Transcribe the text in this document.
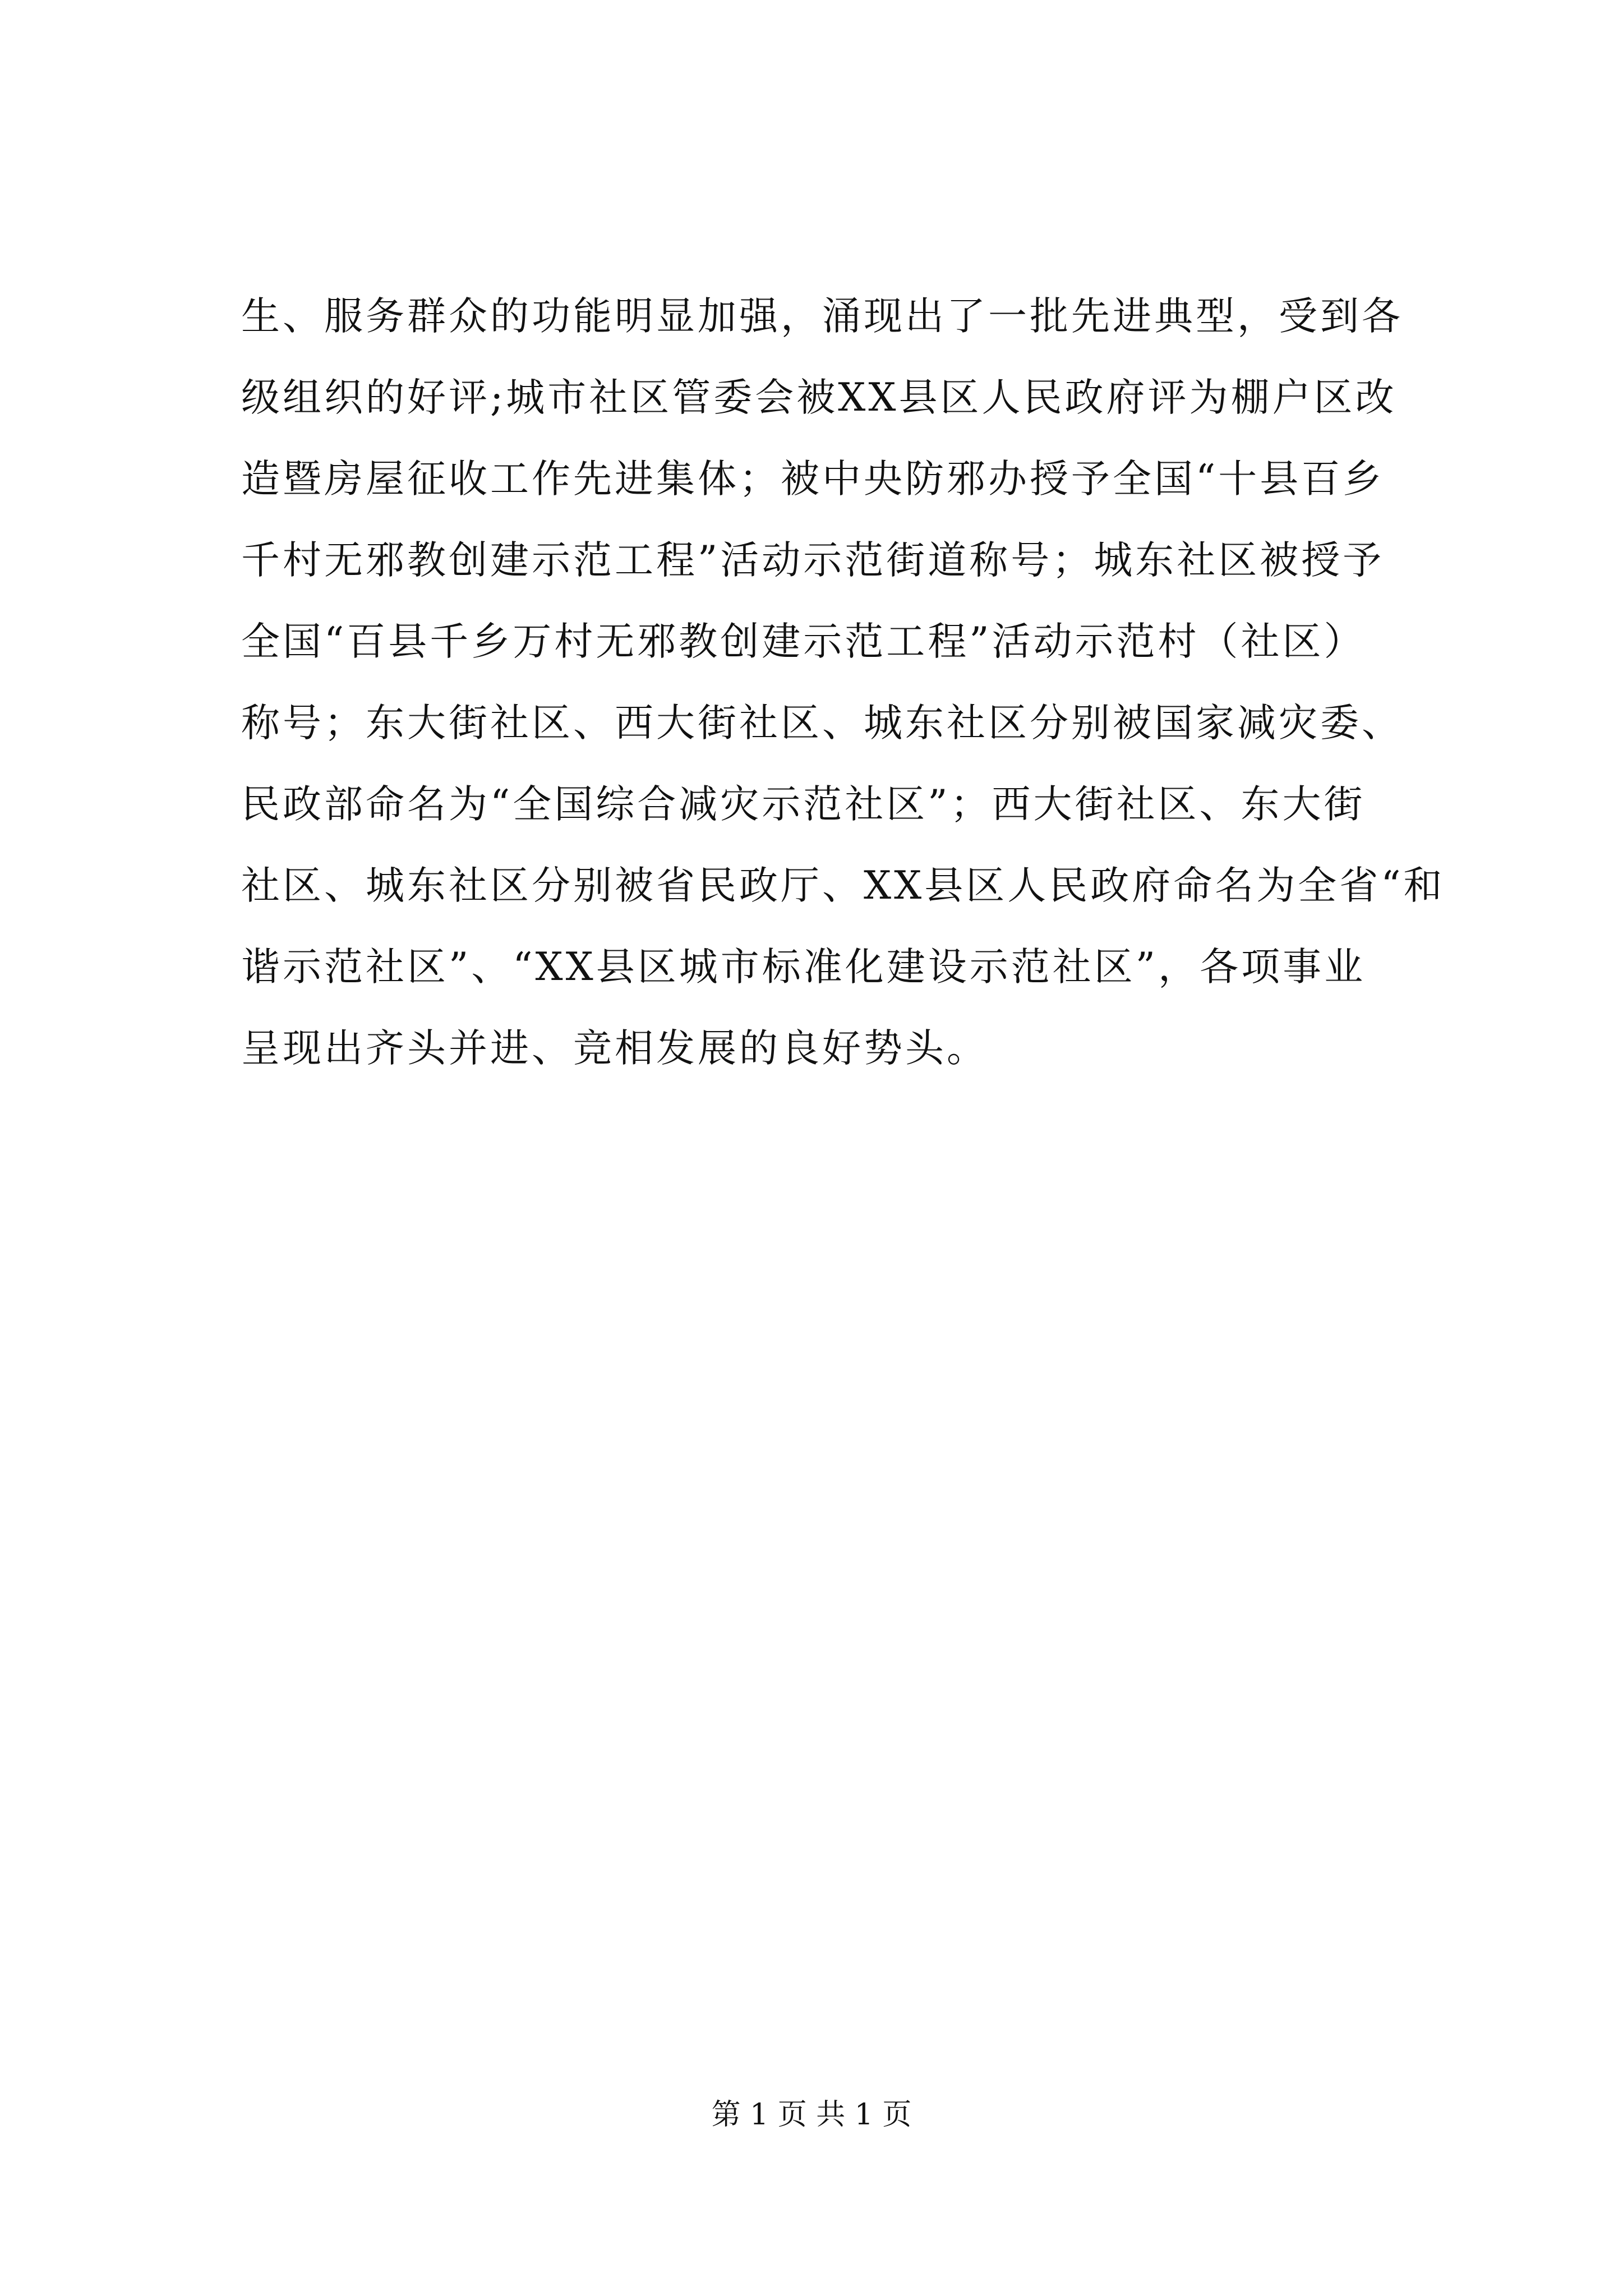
生、服务群众的功能明显加强，涌现出了一批先进典型，受到各
级组织的好评;城市社区管委会被XX县区人民政府评为棚户区改
造暨房屋征收工作先进集体；被中央防邪办授予全国“十县百乡
千村无邪教创建示范工程”活动示范街道称号；城东社区被授予
全国“百县千乡万村无邪教创建示范工程”活动示范村（社区）
称号；东大街社区、西大街社区、城东社区分别被国家减灾委、
民政部命名为“全国综合减灾示范社区”；西大街社区、东大街
社区、城东社区分别被省民政厅、XX县区人民政府命名为全省“和
谐示范社区”、“XX县区城市标准化建设示范社区”，各项事业
呈现出齐头并进、竞相发展的良好势头。
第 1 页 共 1 页
